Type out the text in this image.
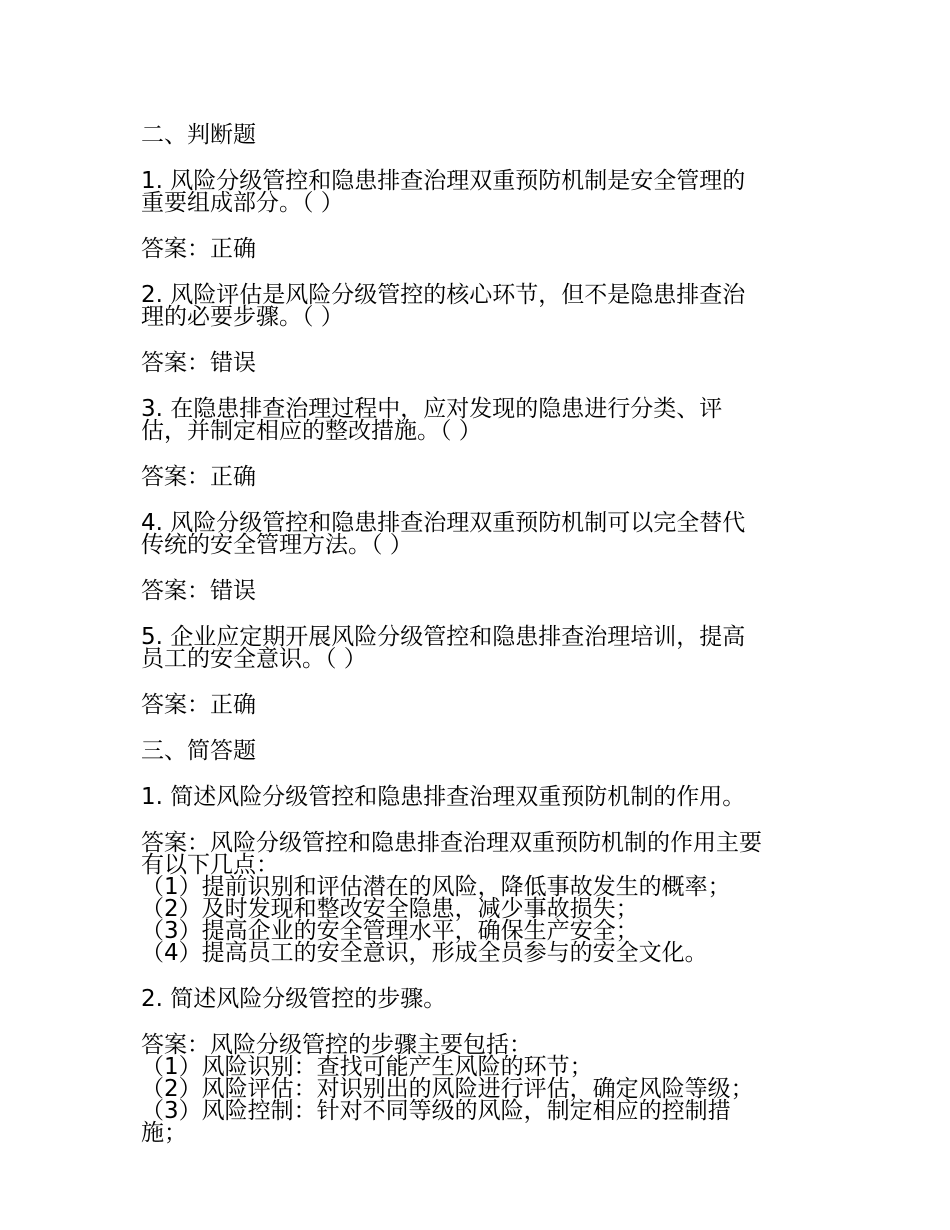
二、判断题
1. 风险分级管控和隐患排查治理双重预防机制是安全管理的
重要组成部分。（ ）
答案：正确
2. 风险评估是风险分级管控的核心环节，但不是隐患排查治
理的必要步骤。（ ）
答案：错误
3. 在隐患排查治理过程中，应对发现的隐患进行分类、评
估，并制定相应的整改措施。（ ）
答案：正确
4. 风险分级管控和隐患排查治理双重预防机制可以完全替代
传统的安全管理方法。（ ）
答案：错误
5. 企业应定期开展风险分级管控和隐患排查治理培训，提高
员工的安全意识。（ ）
答案：正确
三、简答题
1. 简述风险分级管控和隐患排查治理双重预防机制的作用。
答案：风险分级管控和隐患排查治理双重预防机制的作用主要
有以下几点：
（1）提前识别和评估潜在的风险，降低事故发生的概率；
（2）及时发现和整改安全隐患，减少事故损失；
（3）提高企业的安全管理水平，确保生产安全；
（4）提高员工的安全意识，形成全员参与的安全文化。
2. 简述风险分级管控的步骤。
答案：风险分级管控的步骤主要包括：
（1）风险识别：查找可能产生风险的环节；
（2）风险评估：对识别出的风险进行评估，确定风险等级；
（3）风险控制：针对不同等级的风险，制定相应的控制措
施；
